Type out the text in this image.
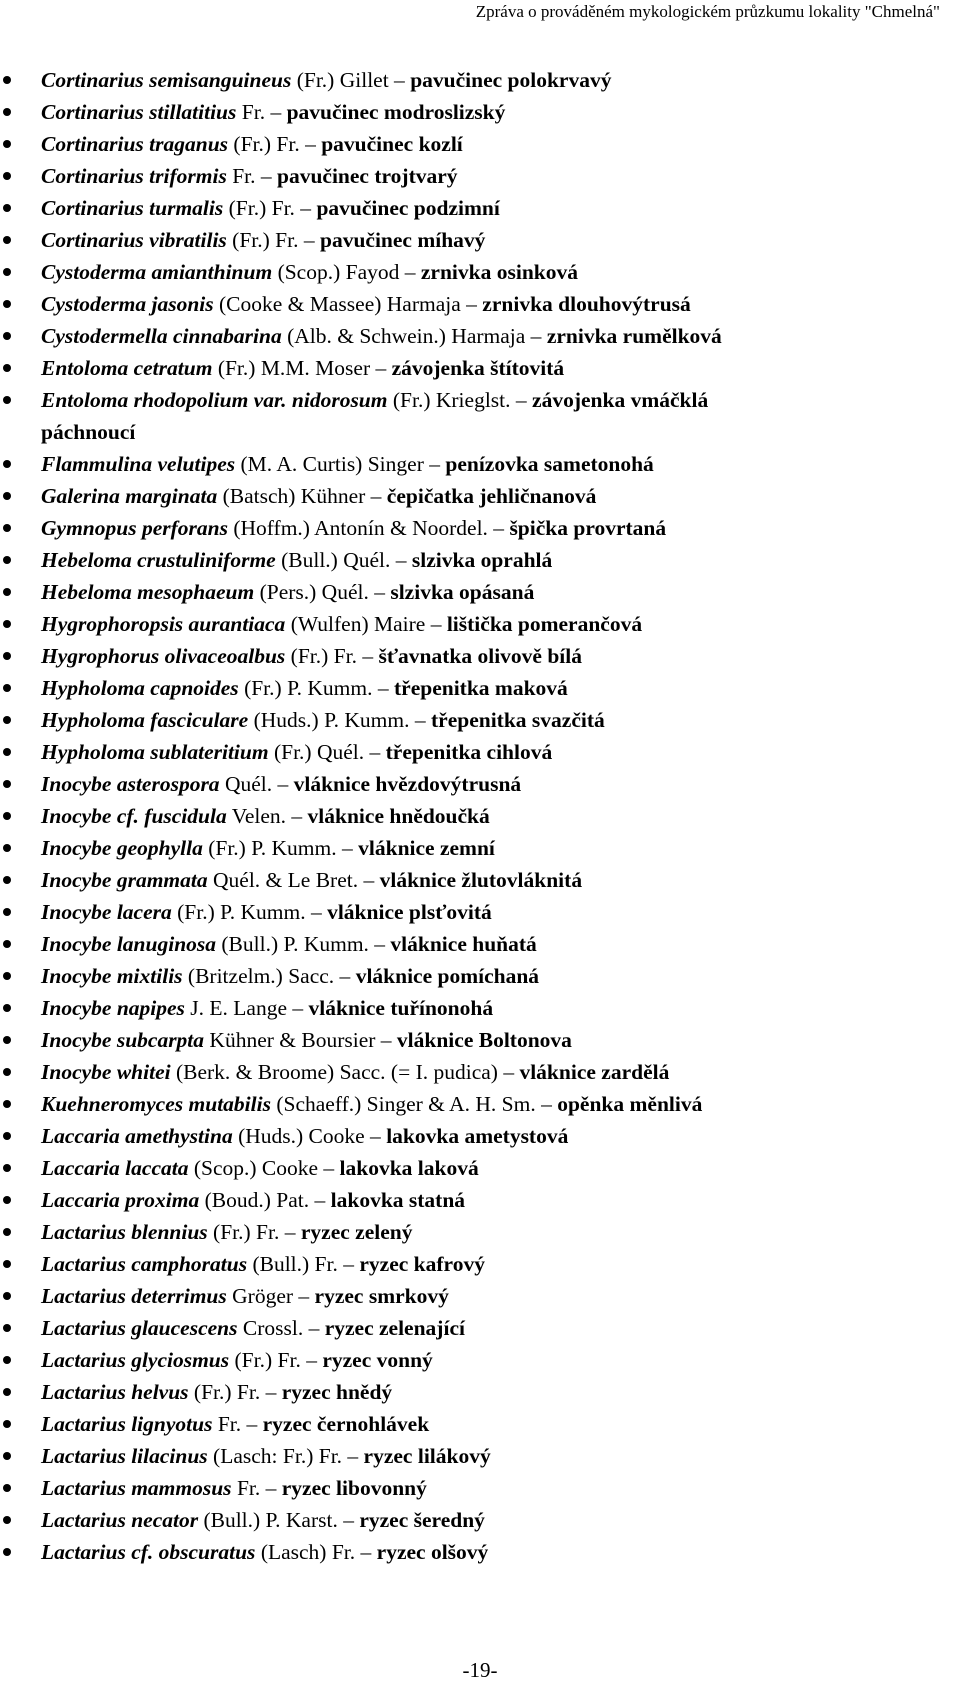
Zpráva o prováděném mykologickém průzkumu lokality "Chmelná"
Cortinarius semisanguineus (Fr.) Gillet – pavučinec polokrvavý
Cortinarius stillatitius Fr. – pavučinec modroslizský
Cortinarius traganus (Fr.) Fr. – pavučinec kozlí
Cortinarius triformis Fr. – pavučinec trojtvarý
Cortinarius turmalis (Fr.) Fr. – pavučinec podzimní
Cortinarius vibratilis (Fr.) Fr. – pavučinec míhavý
Cystoderma amianthinum (Scop.) Fayod – zrnivka osinková
Cystoderma jasonis (Cooke & Massee) Harmaja – zrnivka dlouhovýtrusá
Cystodermella cinnabarina (Alb. & Schwein.) Harmaja – zrnivka rumělková
Entoloma cetratum (Fr.) M.M. Moser – závojenka štítovitá
Entoloma rhodopolium var. nidorosum (Fr.) Krieglst. – závojenka vmáčklá
páchnoucí
Flammulina velutipes (M. A. Curtis) Singer – penízovka sametonohá
Galerina marginata (Batsch) Kühner – čepičatka jehličnanová
Gymnopus perforans (Hoffm.) Antonín & Noordel. – špička provrtaná
Hebeloma crustuliniforme (Bull.) Quél. – slzivka oprahlá
Hebeloma mesophaeum (Pers.) Quél. – slzivka opásaná
Hygrophoropsis aurantiaca (Wulfen) Maire – lištička pomerančová
Hygrophorus olivaceoalbus (Fr.) Fr. – šťavnatka olivově bílá
Hypholoma capnoides (Fr.) P. Kumm. – třepenitka maková
Hypholoma fasciculare (Huds.) P. Kumm. – třepenitka svazčitá
Hypholoma sublateritium (Fr.) Quél. – třepenitka cihlová
Inocybe asterospora Quél. – vláknice hvězdovýtrusná
Inocybe cf. fuscidula Velen. – vláknice hnědoučká
Inocybe geophylla (Fr.) P. Kumm. – vláknice zemní
Inocybe grammata Quél. & Le Bret. – vláknice žlutovláknitá
Inocybe lacera (Fr.) P. Kumm. – vláknice plsťovitá
Inocybe lanuginosa (Bull.) P. Kumm. – vláknice huňatá
Inocybe mixtilis (Britzelm.) Sacc. – vláknice pomíchaná
Inocybe napipes J. E. Lange – vláknice tuřínonohá
Inocybe subcarpta Kühner & Boursier – vláknice Boltonova
Inocybe whitei (Berk. & Broome) Sacc. (= I. pudica) – vláknice zardělá
Kuehneromyces mutabilis (Schaeff.) Singer & A. H. Sm. – opěnka měnlivá
Laccaria amethystina (Huds.) Cooke – lakovka ametystová
Laccaria laccata (Scop.) Cooke – lakovka laková
Laccaria proxima (Boud.) Pat. – lakovka statná
Lactarius blennius (Fr.) Fr. – ryzec zelený
Lactarius camphoratus (Bull.) Fr. – ryzec kafrový
Lactarius deterrimus Gröger – ryzec smrkový
Lactarius glaucescens Crossl. – ryzec zelenající
Lactarius glyciosmus (Fr.) Fr. – ryzec vonný
Lactarius helvus (Fr.) Fr. – ryzec hnědý
Lactarius lignyotus Fr. – ryzec černohlávek
Lactarius lilacinus (Lasch: Fr.) Fr. – ryzec lilákový
Lactarius mammosus Fr. – ryzec libovonný
Lactarius necator (Bull.) P. Karst. – ryzec šeredný
Lactarius cf. obscuratus (Lasch) Fr. – ryzec olšový
-19-
